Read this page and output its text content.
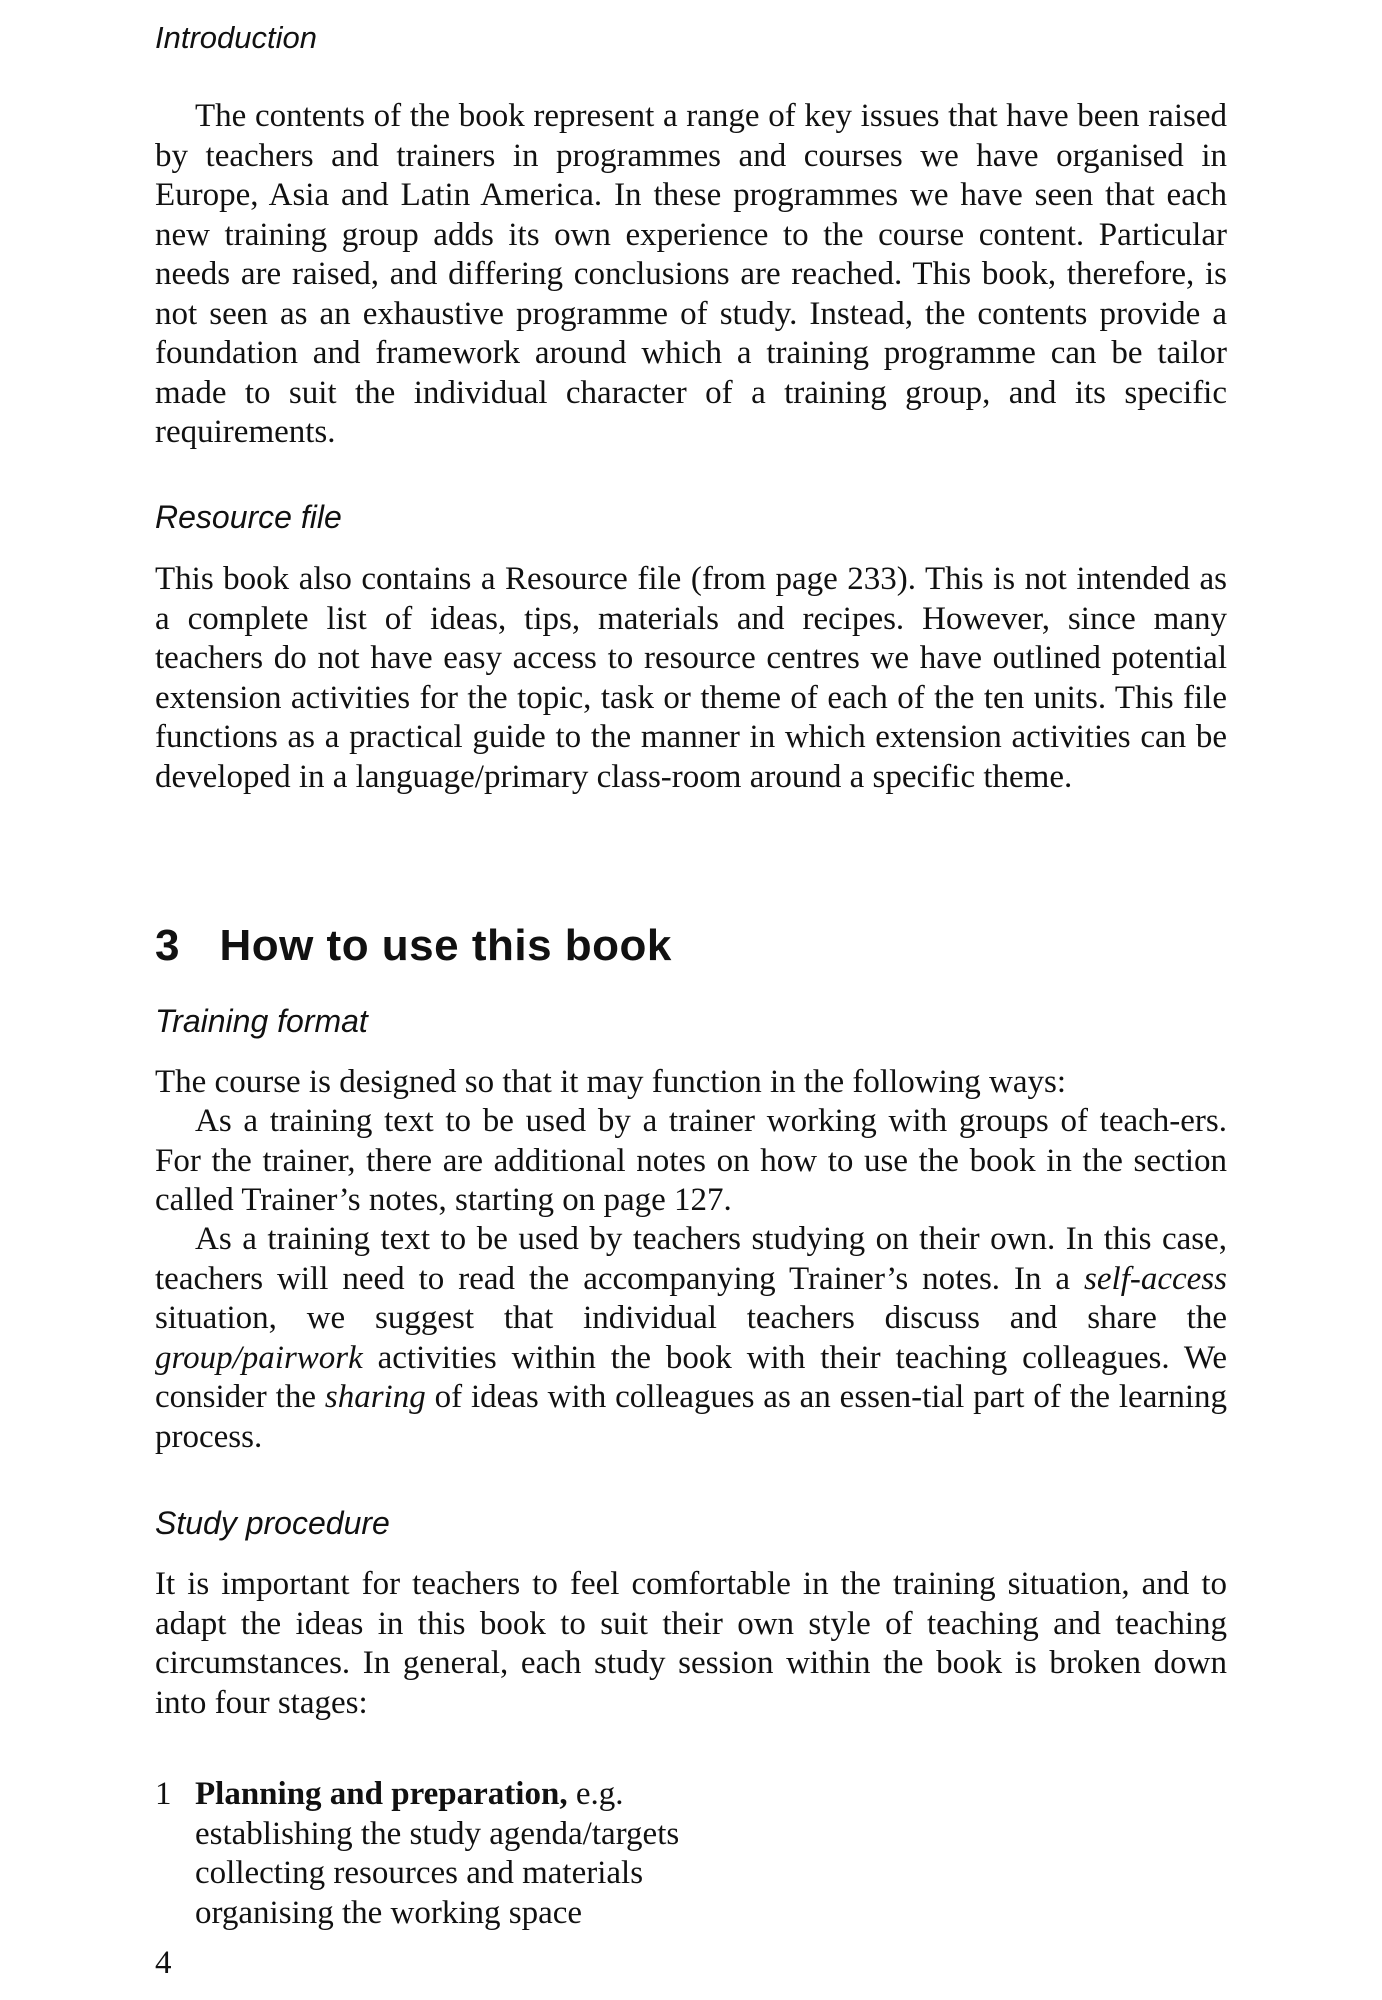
Introduction

The contents of the book represent a range of key issues that have been raised by teachers and trainers in programmes and courses we have organised in Europe, Asia and Latin America. In these programmes we have seen that each new training group adds its own experience to the course content. Particular needs are raised, and differing conclusions are reached. This book, therefore, is not seen as an exhaustive programme of study. Instead, the contents provide a foundation and framework around which a training programme can be tailor made to suit the individual character of a training group, and its specific requirements.

Resource file

This book also contains a Resource file (from page 233). This is not intended as a complete list of ideas, tips, materials and recipes. However, since many teachers do not have easy access to resource centres we have outlined potential extension activities for the topic, task or theme of each of the ten units. This file functions as a practical guide to the manner in which extension activities can be developed in a language/primary class-room around a specific theme.

3 How to use this book
Training format

The course is designed so that it may function in the following ways:

As a training text to be used by a trainer working with groups of teach-ers. For the trainer, there are additional notes on how to use the book in the section called Trainer’s notes, starting on page 127.

As a training text to be used by teachers studying on their own. In this case, teachers will need to read the accompanying Trainer’s notes. In a self-access situation, we suggest that individual teachers discuss and share the group/pairwork activities within the book with their teaching colleagues. We consider the sharing of ideas with colleagues as an essen-tial part of the learning process.

Study procedure

It is important for teachers to feel comfortable in the training situation, and to adapt the ideas in this book to suit their own style of teaching and teaching circumstances. In general, each study session within the book is broken down into four stages:

1 Planning and preparation, e.g.
establishing the study agenda/targets
collecting resources and materials
organising the working space
4
